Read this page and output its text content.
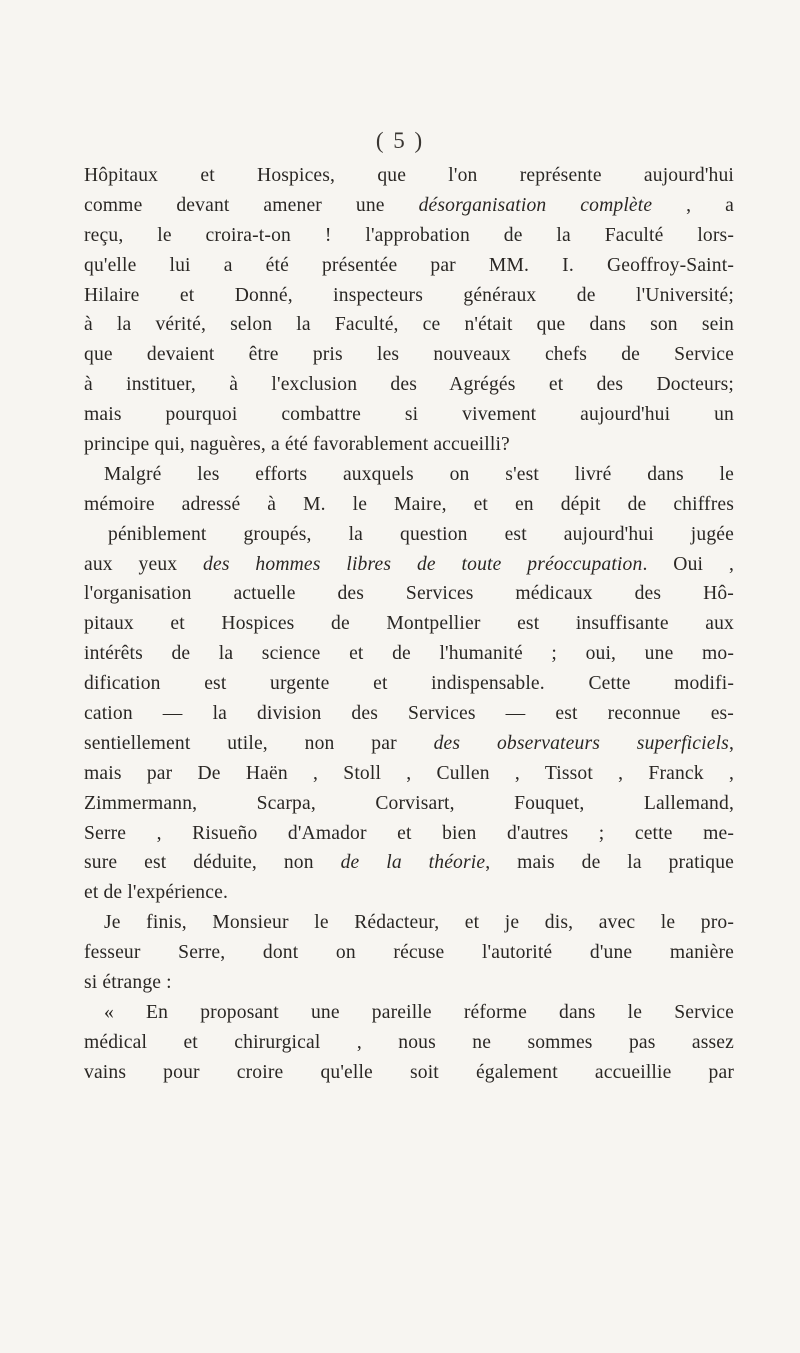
( 5 )
Hôpitaux et Hospices, que l'on représente aujourd'hui
comme devant amener une désorganisation complète , a
reçu, le croira-t-on ! l'approbation de la Faculté lors-
qu'elle lui a été présentée par MM. I. Geoffroy-Saint-
Hilaire et Donné, inspecteurs généraux de l'Université;
à la vérité, selon la Faculté, ce n'était que dans son sein
que devaient être pris les nouveaux chefs de Service
à instituer, à l'exclusion des Agrégés et des Docteurs;
mais pourquoi combattre si vivement aujourd'hui un
principe qui, naguères, a été favorablement accueilli?
Malgré les efforts auxquels on s'est livré dans le
mémoire adressé à M. le Maire, et en dépit de chiffres
péniblement groupés, la question est aujourd'hui jugée
aux yeux des hommes libres de toute préoccupation. Oui ,
l'organisation actuelle des Services médicaux des Hô-
pitaux et Hospices de Montpellier est insuffisante aux
intérêts de la science et de l'humanité ; oui, une mo-
dification est urgente et indispensable. Cette modifi-
cation — la division des Services — est reconnue es-
sentiellement utile, non par des observateurs superficiels,
mais par De Haën , Stoll , Cullen , Tissot , Franck ,
Zimmermann, Scarpa, Corvisart, Fouquet, Lallemand,
Serre , Risueño d'Amador et bien d'autres ; cette me-
sure est déduite, non de la théorie, mais de la pratique
et de l'expérience.
Je finis, Monsieur le Rédacteur, et je dis, avec le pro-
fesseur Serre, dont on récuse l'autorité d'une manière
si étrange :
« En proposant une pareille réforme dans le Service
médical et chirurgical , nous ne sommes pas assez
vains pour croire qu'elle soit également accueillie par
